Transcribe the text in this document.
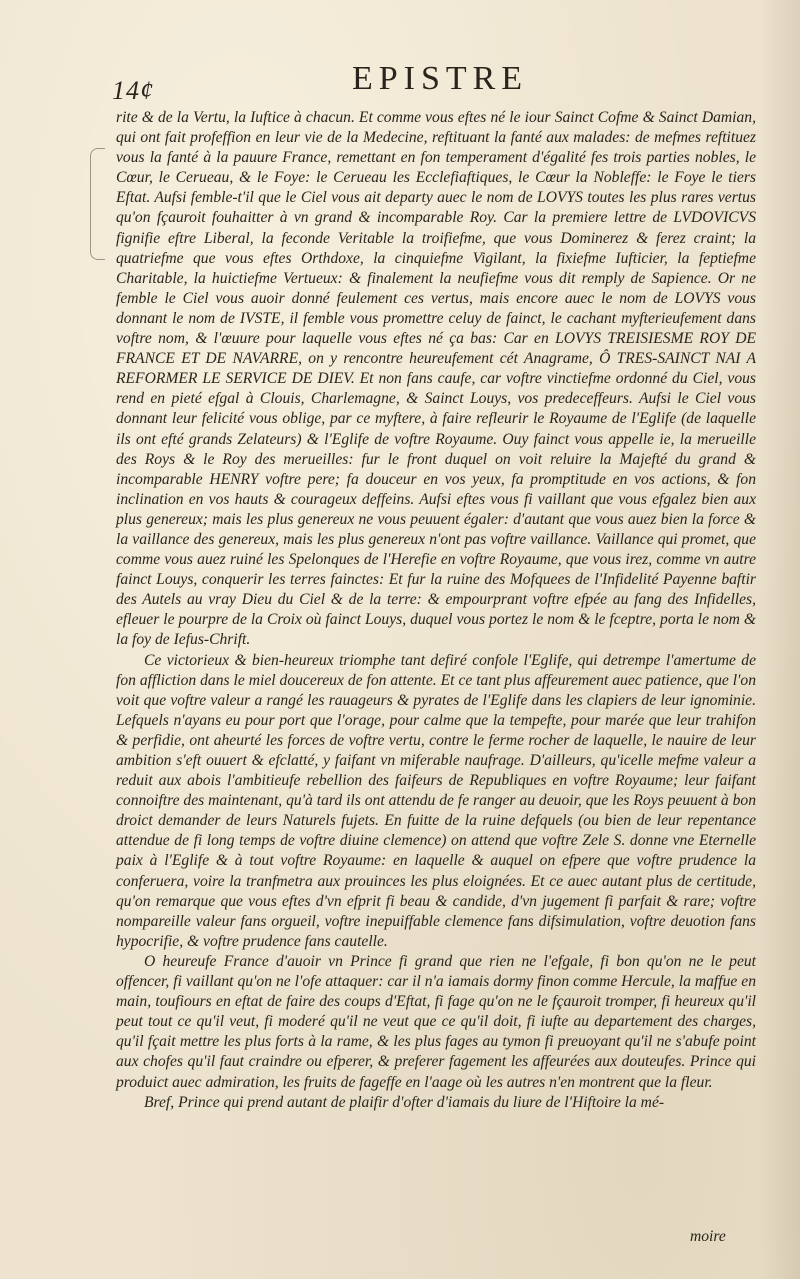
14¢	EPISTRE

rite & de la Vertu, la Iuftice à chacun. Et comme vous eftes né le iour Sainct Cofme & Sainct Damian, qui ont fait profeffion en leur vie de la Medecine, reftituant la fanté aux malades: de mefmes reftituez vous la fanté à la pauure France, remettant en fon temperament d'égalité fes trois parties nobles, le Cœur, le Cerueau, & le Foye: le Cerueau les Ecclefiaftiques, le Cœur la Nobleffe: le Foye le tiers Eftat. Aufsi femble-t'il que le Ciel vous ait departy auec le nom de LOVYS toutes les plus rares vertus qu'on fçauroit fouhaitter à vn grand & incomparable Roy. Car la premiere lettre de LVDOVICVS fignifie eftre Liberal, la feconde Veritable la troifiefme, que vous Dominerez & ferez craint; la quatriefme que vous eftes Orthdoxe, la cinquiefme Vigilant, la fixiefme Iufticier, la feptiefme Charitable, la huictiefme Vertueux: & finalement la neufiefme vous dit remply de Sapience. Or ne femble le Ciel vous auoir donné feulement ces vertus, mais encore auec le nom de LOVYS vous donnant le nom de IVSTE, il femble vous promettre celuy de fainct, le cachant myfterieufement dans voftre nom, & l'œuure pour laquelle vous eftes né ça bas: Car en LOVYS TREISIESME ROY DE FRANCE ET DE NAVARRE, on y rencontre heureufement cét Anagrame, Ô TRES-SAINCT NAI A REFORMER LE SERVICE DE DIEV. Et non fans caufe, car voftre vinctiefme ordonné du Ciel, vous rend en pieté efgal à Clouis, Charlemagne, & Sainct Louys, vos predeceffeurs. Aufsi le Ciel vous donnant leur felicité vous oblige, par ce myftere, à faire refleurir le Royaume de l'Eglife (de laquelle ils ont efté grands Zelateurs) & l'Eglife de voftre Royaume. Ouy fainct vous appelle ie, la merueille des Roys & le Roy des merueilles: fur le front duquel on voit reluire la Majefté du grand & incomparable HENRY voftre pere; fa douceur en vos yeux, fa promptitude en vos actions, & fon inclination en vos hauts & courageux deffeins. Aufsi eftes vous fi vaillant que vous efgalez bien aux plus genereux; mais les plus genereux ne vous peuuent égaler: d'autant que vous auez bien la force & la vaillance des genereux, mais les plus genereux n'ont pas voftre vaillance. Vaillance qui promet, que comme vous auez ruiné les Spelonques de l'Herefie en voftre Royaume, que vous irez, comme vn autre fainct Louys, conquerir les terres fainctes: Et fur la ruine des Mofquees de l'Infidelité Payenne baftir des Autels au vray Dieu du Ciel & de la terre: & empourprant voftre efpée au fang des Infidelles, efleuer le pourpre de la Croix où fainct Louys, duquel vous portez le nom & le fceptre, porta le nom & la foy de Iefus-Chrift.

Ce victorieux & bien-heureux triomphe tant defiré confole l'Eglife, qui detrempe l'amertume de fon affliction dans le miel doucereux de fon attente. Et ce tant plus affeurement auec patience, que l'on voit que voftre valeur a rangé les rauageurs & pyrates de l'Eglife dans les clapiers de leur ignominie. Lefquels n'ayans eu pour port que l'orage, pour calme que la tempefte, pour marée que leur trahifon & perfidie, ont aheurté les forces de voftre vertu, contre le ferme rocher de laquelle, le nauire de leur ambition s'eft ouuert & efclatté, y faifant vn miferable naufrage. D'ailleurs, qu'icelle mefme valeur a reduit aux abois l'ambitieufe rebellion des faifeurs de Republiques en voftre Royaume; leur faifant connoiftre des maintenant, qu'à tard ils ont attendu de fe ranger au deuoir, que les Roys peuuent à bon droict demander de leurs Naturels fujets. En fuitte de la ruine defquels (ou bien de leur repentance attendue de fi long temps de voftre diuine clemence) on attend que voftre Zele S. donne vne Eternelle paix à l'Eglife & à tout voftre Royaume: en laquelle & auquel on efpere que voftre prudence la conferuera, voire la tranfmetra aux prouinces les plus eloignées. Et ce auec autant plus de certitude, qu'on remarque que vous eftes d'vn efprit fi beau & candide, d'vn jugement fi parfait & rare; voftre nompareille valeur fans orgueil, voftre inepuiffable clemence fans difsimulation, voftre deuotion fans hypocrifie, & voftre prudence fans cautelle.

O heureufe France d'auoir vn Prince fi grand que rien ne l'efgale, fi bon qu'on ne le peut offencer, fi vaillant qu'on ne l'ofe attaquer: car il n'a iamais dormy finon comme Hercule, la maffue en main, toufiours en eftat de faire des coups d'Eftat, fi fage qu'on ne le fçauroit tromper, fi heureux qu'il peut tout ce qu'il veut, fi moderé qu'il ne veut que ce qu'il doit, fi iufte au departement des charges, qu'il fçait mettre les plus forts à la rame, & les plus fages au tymon fi preuoyant qu'il ne s'abufe point aux chofes qu'il faut craindre ou efperer, & preferer fagement les affeurées aux douteufes. Prince qui produict auec admiration, les fruits de fageffe en l'aage où les autres n'en montrent que la fleur.

Bref, Prince qui prend autant de plaifir d'ofter d'iamais du liure de l'Hiftoire la mé-

moire
